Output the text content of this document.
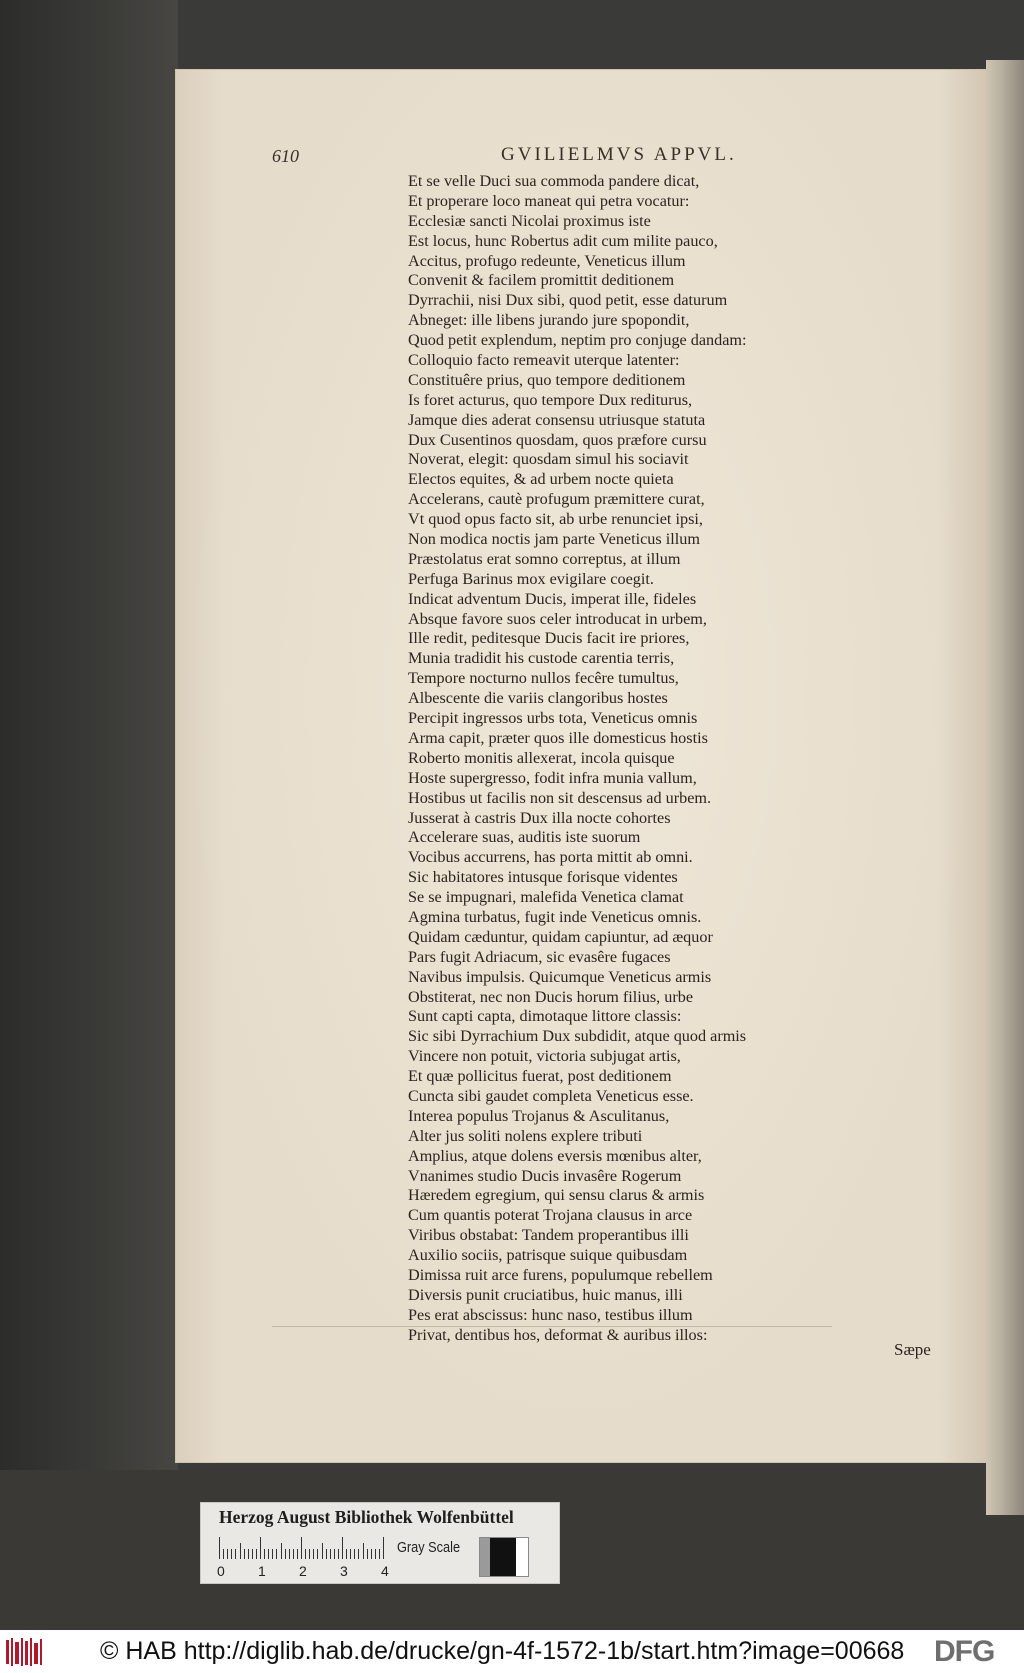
610	GVILIELMVS APPVL.
Et se velle Duci sua commoda pandere dicat,
Et properare loco maneat qui petra vocatur:
Ecclesiæ sancti Nicolai proximus iste
Est locus, hunc Robertus adit cum milite pauco,
Accitus, profugo redeunte, Veneticus illum
Convenit & facilem promittit deditionem
Dyrrachii, nisi Dux sibi, quod petit, esse daturum
Abneget: ille libens jurando jure spopondit,
Quod petit explendum, neptim pro conjuge dandam:
Colloquio facto remeavit uterque latenter:
Constituêre prius, quo tempore deditionem
Is foret acturus, quo tempore Dux rediturus,
Jamque dies aderat consensu utriusque statuta
Dux Cusentinos quosdam, quos præfore cursu
Noverat, elegit: quosdam simul his sociavit
Electos equites, & ad urbem nocte quieta
Accelerans, cautè profugum præmittere curat,
Vt quod opus facto sit, ab urbe renunciet ipsi,
Non modica noctis jam parte Veneticus illum
Præstolatus erat somno correptus, at illum
Perfuga Barinus mox evigilare coegit.
Indicat adventum Ducis, imperat ille, fideles
Absque favore suos celer introducat in urbem,
Ille redit, peditesque Ducis facit ire priores,
Munia tradidit his custode carentia terris,
Tempore nocturno nullos fecêre tumultus,
Albescente die variis clangoribus hostes
Percipit ingressos urbs tota, Veneticus omnis
Arma capit, præter quos ille domesticus hostis
Roberto monitis allexerat, incola quisque
Hoste supergresso, fodit infra munia vallum,
Hostibus ut facilis non sit descensus ad urbem.
Jusserat à castris Dux illa nocte cohortes
Accelerare suas, auditis iste suorum
Vocibus accurrens, has porta mittit ab omni.
Sic habitatores intusque forisque videntes
Se se impugnari, malefida Venetica clamat
Agmina turbatus, fugit inde Veneticus omnis.
Quidam cæduntur, quidam capiuntur, ad æquor
Pars fugit Adriacum, sic evasêre fugaces
Navibus impulsis. Quicumque Veneticus armis
Obstiterat, nec non Ducis horum filius, urbe
Sunt capti capta, dimotaque littore classis:
Sic sibi Dyrrachium Dux subdidit, atque quod armis
Vincere non potuit, victoria subjugat artis,
Et quæ pollicitus fuerat, post deditionem
Cuncta sibi gaudet completa Veneticus esse.
Interea populus Trojanus & Asculitanus,
Alter jus soliti nolens explere tributi
Amplius, atque dolens eversis mœnibus alter,
Vnanimes studio Ducis invasêre Rogerum
Hæredem egregium, qui sensu clarus & armis
Cum quantis poterat Trojana clausus in arce
Viribus obstabat: Tandem properantibus illi
Auxilio sociis, patrisque suique quibusdam
Dimissa ruit arce furens, populumque rebellem
Diversis punit cruciatibus, huic manus, illi
Pes erat abscissus: hunc naso, testibus illum
Privat, dentibus hos, deformat & auribus illos:
Sæpe
Herzog August Bibliothek Wolfenbüttel
0 1 2 3 4
Gray Scale
© HAB http://diglib.hab.de/drucke/gn-4f-1572-1b/start.htm?image=00668 DFG
